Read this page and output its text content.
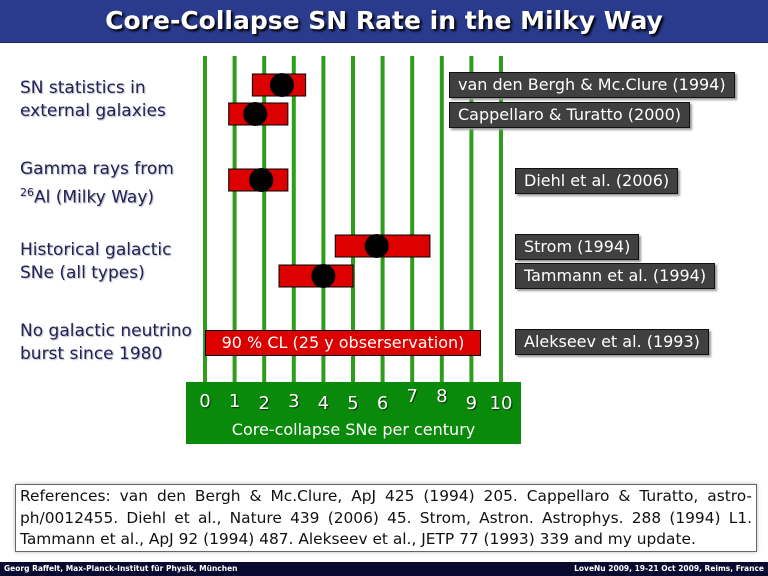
Core-Collapse SN Rate in the Milky Way
SN statistics in
external galaxies
Gamma rays from
$^{26}$Al (Milky Way)
Historical galactic
SNe (all types)
No galactic neutrino
burst since 1980
van den Bergh & Mc.Clure (1994)
Cappellaro & Turatto (2000)
Diehl et al. (2006)
Strom (1994)
Tammann et al. (1994)
Alekseev et al. (1993)
90 % CL (25 y obserservation)
0	1	2	3	4	5	6	7	8	9 10
Core-collapse SNe per century
References: van den Bergh & Mc.Clure, ApJ 425 (1994) 205. Cappellaro & Turatto, astro-ph/0012455. Diehl et al., Nature 439 (2006) 45. Strom, Astron. Astrophys. 288 (1994) L1. Tammann et al., ApJ 92 (1994) 487. Alekseev et al., JETP 77 (1993) 339 and my update.
Georg Raffelt, Max-Planck-Institut für Physik, München	LoveNu 2009, 19-21 Oct 2009, Reims, France
